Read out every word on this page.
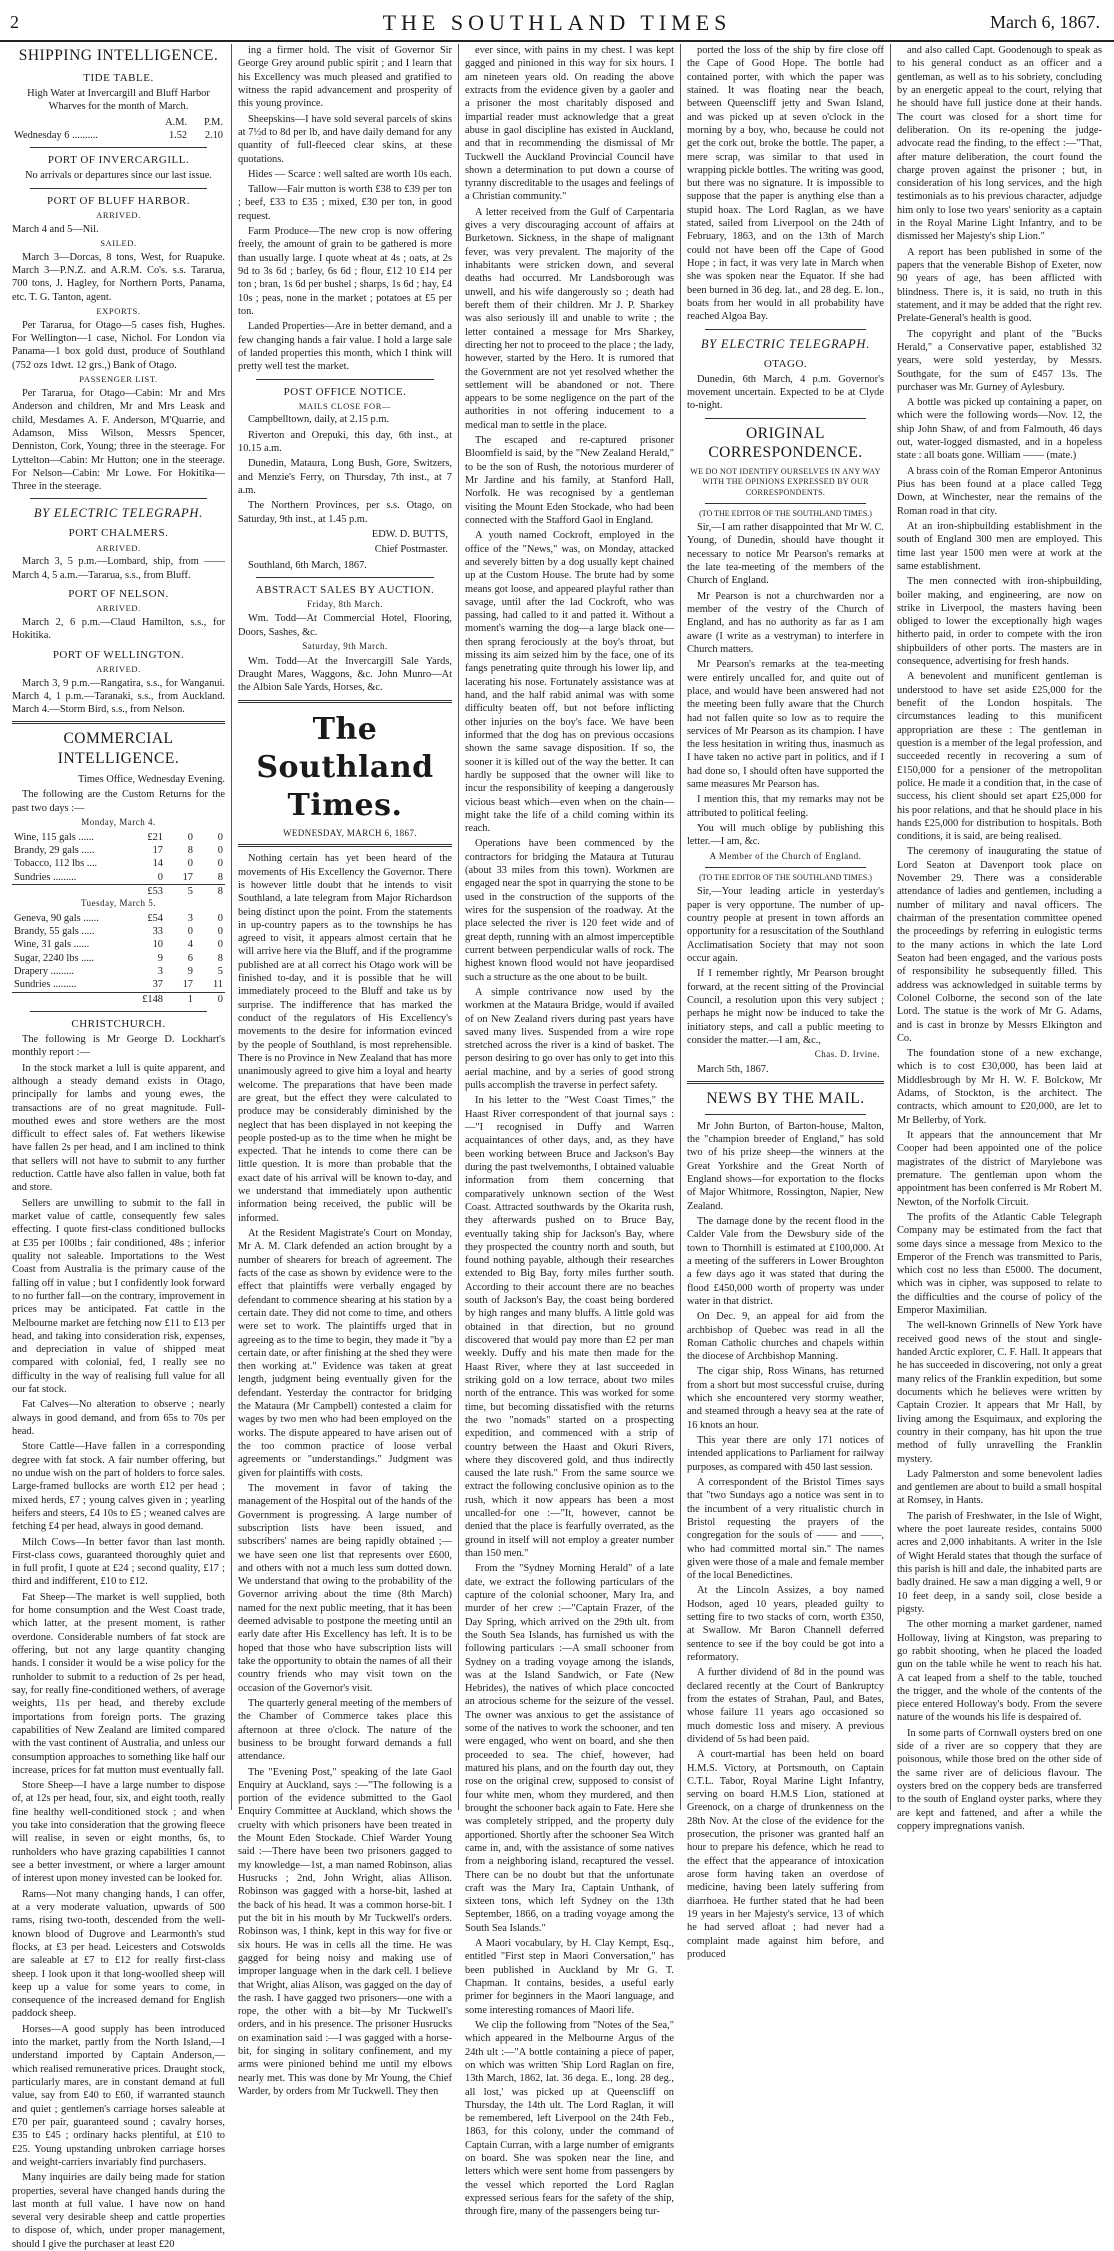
2	THE SOUTHLAND TIMES	March 6, 1867.
SHIPPING INTELLIGENCE.
TIDE TABLE.

High Water at Invercargill and Bluff Harbor Wharves for the month of March.

	A.M.	P.M.
Wednesday 6 ..........	1.52	2.10
PORT OF INVERCARGILL.

No arrivals or departures since our last issue.

PORT OF BLUFF HARBOR.
ARRIVED.

March 4 and 5—Nil.

SAILED.

March 3—Dorcas, 8 tons, West, for Ruapuke. March 3—P.N.Z. and A.R.M. Co's. s.s. Tararua, 700 tons, J. Hagley, for Northern Ports, Panama, etc. T. G. Tanton, agent.

EXPORTS.

Per Tararua, for Otago—5 cases fish, Hughes. For Wellington—1 case, Nichol. For London via Panama—1 box gold dust, produce of Southland (752 ozs 1dwt. 12 grs.,) Bank of Otago.

PASSENGER LIST.

Per Tararua, for Otago—Cabin: Mr and Mrs Anderson and children, Mr and Mrs Leask and child, Mesdames A. F. Anderson, M'Quarrie, and Adamson, Miss Wilson, Messrs Spencer, Denniston, Cork, Young; three in the steerage. For Lyttelton—Cabin: Mr Hutton; one in the steerage. For Nelson—Cabin: Mr Lowe. For Hokitika—Three in the steerage.

BY ELECTRIC TELEGRAPH.
PORT CHALMERS.
ARRIVED.

March 3, 5 p.m.—Lombard, ship, from —— March 4, 5 a.m.—Tararua, s.s., from Bluff.

PORT OF NELSON.
ARRIVED.

March 2, 6 p.m.—Claud Hamilton, s.s., for Hokitika.

PORT OF WELLINGTON.
ARRIVED.

March 3, 9 p.m.—Rangatira, s.s., for Wanganui. March 4, 1 p.m.—Taranaki, s.s., from Auckland. March 4.—Storm Bird, s.s., from Nelson.

COMMERCIAL INTELLIGENCE.

Times Office, Wednesday Evening.

The following are the Custom Returns for the past two days :—

Monday, March 4.

Wine, 115 gals ......	£21	0	0
Brandy, 29 gals .....	17	8	0
Tobacco, 112 lbs ....	14	0	0
Sundries .........	0	17	8
	£53	5	8

Tuesday, March 5.

Geneva, 90 gals ......	£54	3	0
Brandy, 55 gals .....	33	0	0
Wine, 31 gals ......	10	4	0
Sugar, 2240 lbs .....	9	6	8
Drapery .........	3	9	5
Sundries .........	37	17	11
	£148	1	0
CHRISTCHURCH.

The following is Mr George D. Lockhart's monthly report :—

In the stock market a lull is quite apparent, and although a steady demand exists in Otago, principally for lambs and young ewes, the transactions are of no great magnitude. Full-mouthed ewes and store wethers are the most difficult to effect sales of. Fat wethers likewise have fallen 2s per head, and I am inclined to think that sellers will not have to submit to any further reduction. Cattle have also fallen in value, both fat and store.

Sellers are unwilling to submit to the fall in market value of cattle, consequently few sales effecting. I quote first-class conditioned bullocks at £35 per 100lbs ; fair conditioned, 48s ; inferior quality not saleable. Importations to the West Coast from Australia is the primary cause of the falling off in value ; but I confidently look forward to no further fall—on the contrary, improvement in prices may be anticipated. Fat cattle in the Melbourne market are fetching now £11 to £13 per head, and taking into consideration risk, expenses, and depreciation in value of shipped meat compared with colonial, fed, I really see no difficulty in the way of realising full value for all our fat stock.

Fat Calves—No alteration to observe ; nearly always in good demand, and from 65s to 70s per head.

Store Cattle—Have fallen in a corresponding degree with fat stock. A fair number offering, but no undue wish on the part of holders to force sales. Large-framed bullocks are worth £12 per head ; mixed herds, £7 ; young calves given in ; yearling heifers and steers, £4 10s to £5 ; weaned calves are fetching £4 per head, always in good demand.

Milch Cows—In better favor than last month. First-class cows, guaranteed thoroughly quiet and in full profit, I quote at £24 ; second quality, £17 ; third and indifferent, £10 to £12.

Fat Sheep—The market is well supplied, both for home consumption and the West Coast trade, which latter, at the present moment, is rather overdone. Considerable numbers of fat stock are offering, but not any large quantity changing hands. I consider it would be a wise policy for the runholder to submit to a reduction of 2s per head, say, for really fine-conditioned wethers, of average weights, 11s per head, and thereby exclude importations from foreign ports. The grazing capabilities of New Zealand are limited compared with the vast continent of Australia, and unless our consumption approaches to something like half our increase, prices for fat mutton must eventually fall.

Store Sheep—I have a large number to dispose of, at 12s per head, four, six, and eight tooth, really fine healthy well-conditioned stock ; and when you take into consideration that the growing fleece will realise, in seven or eight months, 6s, to runholders who have grazing capabilities I cannot see a better investment, or where a larger amount of interest upon money invested can be looked for.

Rams—Not many changing hands, I can offer, at a very moderate valuation, upwards of 500 rams, rising two-tooth, descended from the well-known blood of Dugrove and Learmonth's stud flocks, at £3 per head. Leicesters and Cotswolds are saleable at £7 to £12 for really first-class sheep. I look upon it that long-woolled sheep will keep up a value for some years to come, in consequence of the increased demand for English paddock sheep.

Horses—A good supply has been introduced into the market, partly from the North Island,—I understand imported by Captain Anderson,—which realised remunerative prices. Draught stock, particularly mares, are in constant demand at full value, say from £40 to £60, if warranted staunch and quiet ; gentlemen's carriage horses saleable at £70 per pair, guaranteed sound ; cavalry horses, £35 to £45 ; ordinary hacks plentiful, at £10 to £25. Young upstanding unbroken carriage horses and weight-carriers invariably find purchasers.

Many inquiries are daily being made for station properties, several have changed hands during the last month at full value. I have now on hand several very desirable sheep and cattle properties to dispose of, which, under proper management, should I give the purchaser at least £20

ing a firmer hold. The visit of Governor Sir George Grey around public spirit ; and I learn that his Excellency was much pleased and gratified to witness the rapid advancement and prosperity of this young province.

Sheepskins—I have sold several parcels of skins at 7½d to 8d per lb, and have daily demand for any quantity of full-fleeced clear skins, at these quotations.

Hides — Scarce : well salted are worth 10s each.

Tallow—Fair mutton is worth £38 to £39 per ton ; beef, £33 to £35 ; mixed, £30 per ton, in good request.

Farm Produce—The new crop is now offering freely, the amount of grain to be gathered is more than usually large. I quote wheat at 4s ; oats, at 2s 9d to 3s 6d ; barley, 6s 6d ; flour, £12 10 £14 per ton ; bran, 1s 6d per bushel ; sharps, 1s 6d ; hay, £4 10s ; peas, none in the market ; potatoes at £5 per ton.

Landed Properties—Are in better demand, and a few changing hands a fair value. I hold a large sale of landed properties this month, which I think will pretty well test the market.

POST OFFICE NOTICE.
MAILS CLOSE FOR—

Campbelltown, daily, at 2.15 p.m.

Riverton and Orepuki, this day, 6th inst., at 10.15 a.m.

Dunedin, Mataura, Long Bush, Gore, Switzers, and Menzie's Ferry, on Thursday, 7th inst., at 7 a.m.

The Northern Provinces, per s.s. Otago, on Saturday, 9th inst., at 1.45 p.m.

EDW. D. BUTTS,

Chief Postmaster.

Southland, 6th March, 1867.

ABSTRACT SALES BY AUCTION.

Friday, 8th March.

Wm. Todd—At Commercial Hotel, Flooring, Doors, Sashes, &c.

Saturday, 9th March.

Wm. Todd—At the Invercargill Sale Yards, Draught Mares, Waggons, &c. John Munro—At the Albion Sale Yards, Horses, &c.

The Southland Times.

WEDNESDAY, MARCH 6, 1867.

Nothing certain has yet been heard of the movements of His Excellency the Governor. There is however little doubt that he intends to visit Southland, a late telegram from Major Richardson being distinct upon the point. From the statements in up-country papers as to the townships he has agreed to visit, it appears almost certain that he will arrive here via the Bluff, and if the programme published are at all correct his Otago work will be finished to-day, and it is possible that he will immediately proceed to the Bluff and take us by surprise. The indifference that has marked the conduct of the regulators of His Excellency's movements to the desire for information evinced by the people of Southland, is most reprehensible. There is no Province in New Zealand that has more unanimously agreed to give him a loyal and hearty welcome. The preparations that have been made are great, but the effect they were calculated to produce may be considerably diminished by the neglect that has been displayed in not keeping the people posted-up as to the time when he might be expected. That he intends to come there can be little question. It is more than probable that the exact date of his arrival will be known to-day, and we understand that immediately upon authentic information being received, the public will be informed.

At the Resident Magistrate's Court on Monday, Mr A. M. Clark defended an action brought by a number of shearers for breach of agreement. The facts of the case as shown by evidence were to the effect that plaintiffs were verbally engaged by defendant to commence shearing at his station by a certain date. They did not come to time, and others were set to work. The plaintiffs urged that in agreeing as to the time to begin, they made it "by a certain date, or after finishing at the shed they were then working at." Evidence was taken at great length, judgment being eventually given for the defendant. Yesterday the contractor for bridging the Mataura (Mr Campbell) contested a claim for wages by two men who had been employed on the works. The dispute appeared to have arisen out of the too common practice of loose verbal agreements or "understandings." Judgment was given for plaintiffs with costs.

The movement in favor of taking the management of the Hospital out of the hands of the Government is progressing. A large number of subscription lists have been issued, and subscribers' names are being rapidly obtained ;—we have seen one list that represents over £600, and others with not a much less sum dotted down. We understand that owing to the probability of the Governor arriving about the time (8th March) named for the next public meeting, that it has been deemed advisable to postpone the meeting until an early date after His Excellency has left. It is to be hoped that those who have subscription lists will take the opportunity to obtain the names of all their country friends who may visit town on the occasion of the Governor's visit.

The quarterly general meeting of the members of the Chamber of Commerce takes place this afternoon at three o'clock. The nature of the business to be brought forward demands a full attendance.

The "Evening Post," speaking of the late Gaol Enquiry at Auckland, says :—"The following is a portion of the evidence submitted to the Gaol Enquiry Committee at Auckland, which shows the cruelty with which prisoners have been treated in the Mount Eden Stockade. Chief Warder Young said :—There have been two prisoners gagged to my knowledge—1st, a man named Robinson, alias Husrucks ; 2nd, John Wright, alias Allison. Robinson was gagged with a horse-bit, lashed at the back of his head. It was a common horse-bit. I put the bit in his mouth by Mr Tuckwell's orders. Robinson was, I think, kept in this way for five or six hours. He was in cells all the time. He was gagged for being noisy and making use of improper language when in the dark cell. I believe that Wright, alias Alison, was gagged on the day of the rash. I have gagged two prisoners—one with a rope, the other with a bit—by Mr Tuckwell's orders, and in his presence. The prisoner Husrucks on examination said :—I was gagged with a horse-bit, for singing in solitary confinement, and my arms were pinioned behind me until my elbows nearly met. This was done by Mr Young, the Chief Warder, by orders from Mr Tuckwell. They then

ever since, with pains in my chest. I was kept gagged and pinioned in this way for six hours. I am nineteen years old. On reading the above extracts from the evidence given by a gaoler and a prisoner the most charitably disposed and impartial reader must acknowledge that a great abuse in gaol discipline has existed in Auckland, and that in recommending the dismissal of Mr Tuckwell the Auckland Provincial Council have shown a determination to put down a course of tyranny discreditable to the usages and feelings of a Christian community."

A letter received from the Gulf of Carpentaria gives a very discouraging account of affairs at Burketown. Sickness, in the shape of malignant fever, was very prevalent. The majority of the inhabitants were stricken down, and several deaths had occurred. Mr Landsborough was unwell, and his wife dangerously so ; death had bereft them of their children. Mr J. P. Sharkey was also seriously ill and unable to write ; the letter contained a message for Mrs Sharkey, directing her not to proceed to the place ; the lady, however, started by the Hero. It is rumored that the Government are not yet resolved whether the settlement will be abandoned or not. There appears to be some negligence on the part of the authorities in not offering inducement to a medical man to settle in the place.

The escaped and re-captured prisoner Bloomfield is said, by the "New Zealand Herald," to be the son of Rush, the notorious murderer of Mr Jardine and his family, at Stanford Hall, Norfolk. He was recognised by a gentleman visiting the Mount Eden Stockade, who had been connected with the Stafford Gaol in England.

A youth named Cockroft, employed in the office of the "News," was, on Monday, attacked and severely bitten by a dog usually kept chained up at the Custom House. The brute had by some means got loose, and appeared playful rather than savage, until after the lad Cockroft, who was passing, had called to it and patted it. Without a moment's warning the dog—a large black one—then sprang ferociously at the boy's throat, but missing its aim seized him by the face, one of its fangs penetrating quite through his lower lip, and lacerating his nose. Fortunately assistance was at hand, and the half rabid animal was with some difficulty beaten off, but not before inflicting other injuries on the boy's face. We have been informed that the dog has on previous occasions shown the same savage disposition. If so, the sooner it is killed out of the way the better. It can hardly be supposed that the owner will like to incur the responsibility of keeping a dangerously vicious beast which—even when on the chain—might take the life of a child coming within its reach.

Operations have been commenced by the contractors for bridging the Mataura at Tuturau (about 33 miles from this town). Workmen are engaged near the spot in quarrying the stone to be used in the construction of the supports of the wires for the suspension of the roadway. At the place selected the river is 120 feet wide and of great depth, running with an almost imperceptible current between perpendicular walls of rock. The highest known flood would not have jeopardised such a structure as the one about to be built.

A simple contrivance now used by the workmen at the Mataura Bridge, would if availed of on New Zealand rivers during past years have saved many lives. Suspended from a wire rope stretched across the river is a kind of basket. The person desiring to go over has only to get into this aerial machine, and by a series of good strong pulls accomplish the traverse in perfect safety.

In his letter to the "West Coast Times," the Haast River correspondent of that journal says :—"I recognised in Duffy and Warren acquaintances of other days, and, as they have been working between Bruce and Jackson's Bay during the past twelvemonths, I obtained valuable information from them concerning that comparatively unknown section of the West Coast. Attracted southwards by the Okarita rush, they afterwards pushed on to Bruce Bay, eventually taking ship for Jackson's Bay, where they prospected the country north and south, but found nothing payable, although their researches extended to Big Bay, forty miles further south. According to their account there are no beaches south of Jackson's Bay, the coast being bordered by high ranges and many bluffs. A little gold was obtained in that direction, but no ground discovered that would pay more than £2 per man weekly. Duffy and his mate then made for the Haast River, where they at last succeeded in striking gold on a low terrace, about two miles north of the entrance. This was worked for some time, but becoming dissatisfied with the returns the two "nomads" started on a prospecting expedition, and commenced with a strip of country between the Haast and Okuri Rivers, where they discovered gold, and thus indirectly caused the late rush." From the same source we extract the following conclusive opinion as to the rush, which it now appears has been a most uncalled-for one :—"It, however, cannot be denied that the place is fearfully overrated, as the ground in itself will not employ a greater number than 150 men."

From the "Sydney Morning Herald" of a late date, we extract the following particulars of the capture of the colonial schooner, Mary Ira, and murder of her crew :—"Captain Frazer, of the Day Spring, which arrived on the 29th ult. from the South Sea Islands, has furnished us with the following particulars :—A small schooner from Sydney on a trading voyage among the islands, was at the Island Sandwich, or Fate (New Hebrides), the natives of which place concocted an atrocious scheme for the seizure of the vessel. The owner was anxious to get the assistance of some of the natives to work the schooner, and ten were engaged, who went on board, and she then proceeded to sea. The chief, however, had matured his plans, and on the fourth day out, they rose on the original crew, supposed to consist of four white men, whom they murdered, and then brought the schooner back again to Fate. Here she was completely stripped, and the property duly apportioned. Shortly after the schooner Sea Witch came in, and, with the assistance of some natives from a neighboring island, recaptured the vessel. There can be no doubt but that the unfortunate craft was the Mary Ira, Captain Unthank, of sixteen tons, which left Sydney on the 13th September, 1866, on a trading voyage among the South Sea Islands."

A Maori vocabulary, by H. Clay Kempt, Esq., entitled "First step in Maori Conversation," has been published in Auckland by Mr G. T. Chapman. It contains, besides, a useful early primer for beginners in the Maori language, and some interesting romances of Maori life.

We clip the following from "Notes of the Sea," which appeared in the Melbourne Argus of the 24th ult :—"A bottle containing a piece of paper, on which was written 'Ship Lord Raglan on fire, 13th March, 1862, lat. 36 dega. E., long. 28 deg., all lost,' was picked up at Queenscliff on Thursday, the 14th ult. The Lord Raglan, it will be remembered, left Liverpool on the 24th Feb., 1863, for this colony, under the command of Captain Curran, with a large number of emigrants on board. She was spoken near the line, and letters which were sent home from passengers by the vessel which reported the Lord Raglan expressed serious fears for the safety of the ship, through fire, many of the passengers being tur-

ported the loss of the ship by fire close off the Cape of Good Hope. The bottle had contained porter, with which the paper was stained. It was floating near the beach, between Queenscliff jetty and Swan Island, and was picked up at seven o'clock in the morning by a boy, who, because he could not get the cork out, broke the bottle. The paper, a mere scrap, was similar to that used in wrapping pickle bottles. The writing was good, but there was no signature. It is impossible to suppose that the paper is anything else than a stupid hoax. The Lord Raglan, as we have stated, sailed from Liverpool on the 24th of February, 1863, and on the 13th of March could not have been off the Cape of Good Hope ; in fact, it was very late in March when she was spoken near the Equator. If she had been burned in 36 deg. lat., and 28 deg. E. lon., boats from her would in all probability have reached Algoa Bay.

BY ELECTRIC TELEGRAPH.
OTAGO.

Dunedin, 6th March, 4 p.m. Governor's movement uncertain. Expected to be at Clyde to-night.

ORIGINAL CORRESPONDENCE.

WE DO NOT IDENTIFY OURSELVES IN ANY WAY WITH THE OPINIONS EXPRESSED BY OUR CORRESPONDENTS.

(TO THE EDITOR OF THE SOUTHLAND TIMES.)

Sir,—I am rather disappointed that Mr W. C. Young, of Dunedin, should have thought it necessary to notice Mr Pearson's remarks at the late tea-meeting of the members of the Church of England.

Mr Pearson is not a churchwarden nor a member of the vestry of the Church of England, and has no authority as far as I am aware (I write as a vestryman) to interfere in Church matters.

Mr Pearson's remarks at the tea-meeting were entirely uncalled for, and quite out of place, and would have been answered had not the meeting been fully aware that the Church had not fallen quite so low as to require the services of Mr Pearson as its champion. I have the less hesitation in writing thus, inasmuch as I have taken no active part in politics, and if I had done so, I should often have supported the same measures Mr Pearson has.

I mention this, that my remarks may not be attributed to political feeling.

You will much oblige by publishing this letter.—I am, &c.

A Member of the Church of England.

(TO THE EDITOR OF THE SOUTHLAND TIMES.)

Sir,—Your leading article in yesterday's paper is very opportune. The number of up-country people at present in town affords an opportunity for a resuscitation of the Southland Acclimatisation Society that may not soon occur again.

If I remember rightly, Mr Pearson brought forward, at the recent sitting of the Provincial Council, a resolution upon this very subject ; perhaps he might now be induced to take the initiatory steps, and call a public meeting to consider the matter.—I am, &c.,

Chas. D. Irvine.

March 5th, 1867.

NEWS BY THE MAIL.

Mr John Burton, of Barton-house, Malton, the "champion breeder of England," has sold two of his prize sheep—the winners at the Great Yorkshire and the Great North of England shows—for exportation to the flocks of Major Whitmore, Rossington, Napier, New Zealand.

The damage done by the recent flood in the Calder Vale from the Dewsbury side of the town to Thornhill is estimated at £100,000. At a meeting of the sufferers in Lower Broughton a few days ago it was stated that during the flood £450,000 worth of property was under water in that district.

On Dec. 9, an appeal for aid from the archbishop of Quebec was read in all the Roman Catholic churches and chapels within the diocese of Archbishop Manning.

The cigar ship, Ross Winans, has returned from a short but most successful cruise, during which she encountered very stormy weather, and steamed through a heavy sea at the rate of 16 knots an hour.

This year there are only 171 notices of intended applications to Parliament for railway purposes, as compared with 450 last session.

A correspondent of the Bristol Times says that "two Sundays ago a notice was sent in to the incumbent of a very ritualistic church in Bristol requesting the prayers of the congregation for the souls of —— and ——, who had committed mortal sin." The names given were those of a male and female member of the local Benedictines.

At the Lincoln Assizes, a boy named Hodson, aged 10 years, pleaded guilty to setting fire to two stacks of corn, worth £350, at Swallow. Mr Baron Channell deferred sentence to see if the boy could be got into a reformatory.

A further dividend of 8d in the pound was declared recently at the Court of Bankruptcy from the estates of Strahan, Paul, and Bates, whose failure 11 years ago occasioned so much domestic loss and misery. A previous dividend of 5s had been paid.

A court-martial has been held on board H.M.S. Victory, at Portsmouth, on Captain C.T.L. Tabor, Royal Marine Light Infantry, serving on board H.M.S Lion, stationed at Greenock, on a charge of drunkenness on the 28th Nov. At the close of the evidence for the prosecution, the prisoner was granted half an hour to prepare his defence, which he read to the effect that the appearance of intoxication arose form having taken an overdose of medicine, having been lately suffering from diarrhoea. He further stated that he had been 19 years in her Majesty's service, 13 of which he had served afloat ; had never had a complaint made against him before, and produced

and also called Capt. Goodenough to speak as to his general conduct as an officer and a gentleman, as well as to his sobriety, concluding by an energetic appeal to the court, relying that he should have full justice done at their hands. The court was closed for a short time for deliberation. On its re-opening the judge-advocate read the finding, to the effect :—"That, after mature deliberation, the court found the charge proven against the prisoner ; but, in consideration of his long services, and the high testimonials as to his previous character, adjudge him only to lose two years' seniority as a captain in the Royal Marine Light Infantry, and to be dismissed her Majesty's ship Lion."

A report has been published in some of the papers that the venerable Bishop of Exeter, now 90 years of age, has been afflicted with blindness. There is, it is said, no truth in this statement, and it may be added that the right rev. Prelate-General's health is good.

The copyright and plant of the "Bucks Herald," a Conservative paper, established 32 years, were sold yesterday, by Messrs. Southgate, for the sum of £457 13s. The purchaser was Mr. Gurney of Aylesbury.

A bottle was picked up containing a paper, on which were the following words—Nov. 12, the ship John Shaw, of and from Falmouth, 46 days out, water-logged dismasted, and in a hopeless state : all boats gone. William —— (mate.)

A brass coin of the Roman Emperor Antoninus Pius has been found at a place called Tegg Down, at Winchester, near the remains of the Roman road in that city.

At an iron-shipbuilding establishment in the south of England 300 men are employed. This time last year 1500 men were at work at the same establishment.

The men connected with iron-shipbuilding, boiler making, and engineering, are now on strike in Liverpool, the masters having been obliged to lower the exceptionally high wages hitherto paid, in order to compete with the iron shipbuilders of other ports. The masters are in consequence, advertising for fresh hands.

A benevolent and munificent gentleman is understood to have set aside £25,000 for the benefit of the London hospitals. The circumstances leading to this munificent appropriation are these : The gentleman in question is a member of the legal profession, and succeeded recently in recovering a sum of £150,000 for a pensioner of the metropolitan police. He made it a condition that, in the case of success, his client should set apart £25,000 for his poor relations, and that he should place in his hands £25,000 for distribution to hospitals. Both conditions, it is said, are being realised.

The ceremony of inaugurating the statue of Lord Seaton at Davenport took place on November 29. There was a considerable attendance of ladies and gentlemen, including a number of military and naval officers. The chairman of the presentation committee opened the proceedings by referring in eulogistic terms to the many actions in which the late Lord Seaton had been engaged, and the various posts of responsibility he subsequently filled. This address was acknowledged in suitable terms by Colonel Colborne, the second son of the late Lord. The statue is the work of Mr G. Adams, and is cast in bronze by Messrs Elkington and Co.

The foundation stone of a new exchange, which is to cost £30,000, has been laid at Middlesbrough by Mr H. W. F. Bolckow, Mr Adams, of Stockton, is the architect. The contracts, which amount to £20,000, are let to Mr Bellerby, of York.

It appears that the announcement that Mr Cooper had been appointed one of the police magistrates of the district of Marylebone was premature. The gentleman upon whom the appointment has been conferred is Mr Robert M. Newton, of the Norfolk Circuit.

The profits of the Atlantic Cable Telegraph Company may be estimated from the fact that some days since a message from Mexico to the Emperor of the French was transmitted to Paris, which cost no less than £5000. The document, which was in cipher, was supposed to relate to the difficulties and the course of policy of the Emperor Maximilian.

The well-known Grinnells of New York have received good news of the stout and single-handed Arctic explorer, C. F. Hall. It appears that he has succeeded in discovering, not only a great many relics of the Franklin expedition, but some documents which he believes were written by Captain Crozier. It appears that Mr Hall, by living among the Esquimaux, and exploring the country in their company, has hit upon the true method of fully unravelling the Franklin mystery.

Lady Palmerston and some benevolent ladies and gentlemen are about to build a small hospital at Romsey, in Hants.

The parish of Freshwater, in the Isle of Wight, where the poet laureate resides, contains 5000 acres and 2,000 inhabitants. A writer in the Isle of Wight Herald states that though the surface of this parish is hill and dale, the inhabited parts are badly drained. He saw a man digging a well, 9 or 10 feet deep, in a sandy soil, close beside a pigsty.

The other morning a market gardener, named Holloway, living at Kingston, was preparing to go rabbit shooting, when he placed the loaded gun on the table while he went to reach his hat. A cat leaped from a shelf to the table, touched the trigger, and the whole of the contents of the piece entered Holloway's body. From the severe nature of the wounds his life is despaired of.

In some parts of Cornwall oysters bred on one side of a river are so coppery that they are poisonous, while those bred on the other side of the same river are of delicious flavour. The oysters bred on the coppery beds are transferred to the south of England oyster parks, where they are kept and fattened, and after a while the coppery impregnations vanish.
